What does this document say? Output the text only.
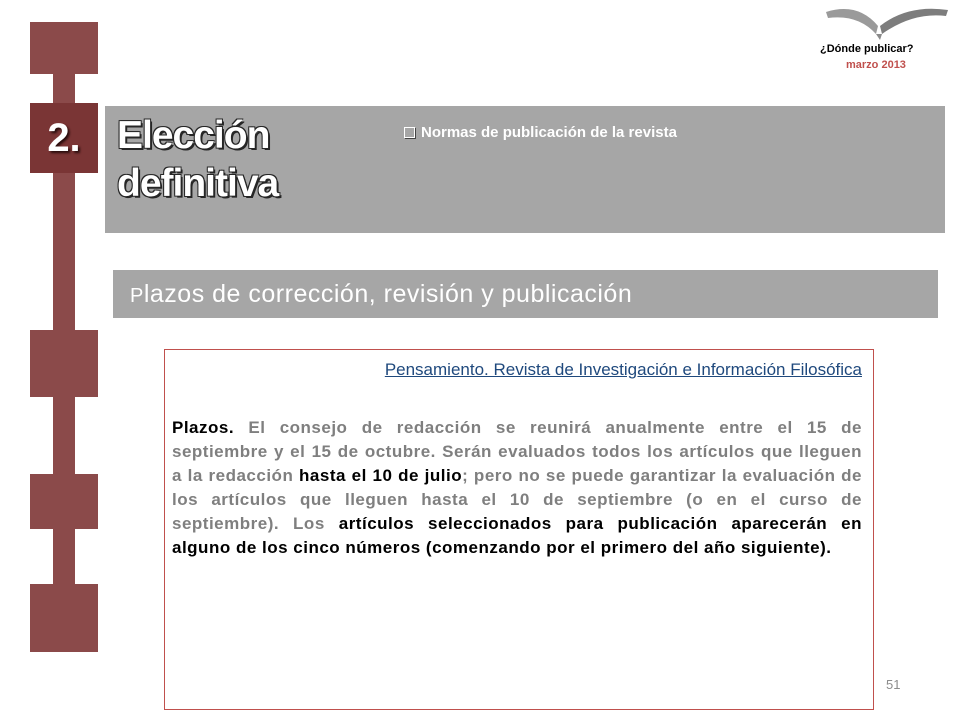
¿Dónde publicar?
marzo 2013
2. Elección
definitiva
Normas de publicación de la revista
Plazos de corrección, revisión y publicación
Pensamiento. Revista de Investigación e Información Filosófica
Plazos. El consejo de redacción se reunirá anualmente entre el 15 de septiembre y el 15 de octubre. Serán evaluados todos los artículos que lleguen a la redacción hasta el 10 de julio; pero no se puede garantizar la evaluación de los artículos que lleguen hasta el 10 de septiembre (o en el curso de septiembre). Los artículos seleccionados para publicación aparecerán en alguno de los cinco números (comenzando por el primero del año siguiente).
51
